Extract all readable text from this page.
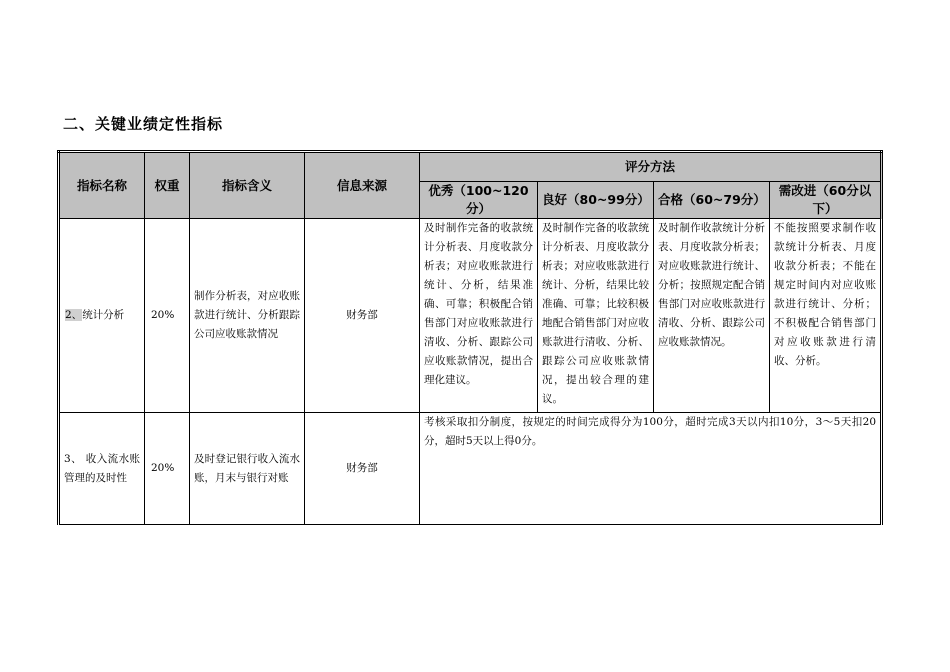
二、关键业绩定性指标
指标名称	权重	指标含义	信息来源	评分方法			
				优秀（100~120分）	良好（80~99分）	合格（60~79分）	需改进（60分以下）
2、统计分析	20%	制作分析表，对应收账款进行统计、分析跟踪公司应收账款情况	财务部	及时制作完备的收款统计分析表、月度收款分析表；对应收账款进行统计、分析，结果准确、可靠；积极配合销售部门对应收账款进行清收、分析、跟踪公司应收账款情况，提出合理化建议。	及时制作完备的收款统计分析表、月度收款分析表；对应收账款进行统计、分析，结果比较准确、可靠；比较积极地配合销售部门对应收账款进行清收、分析、跟踪公司应收账款情况，提出较合理的建议。	及时制作收款统计分析表、月度收款分析表；对应收账款进行统计、分析；按照规定配合销售部门对应收账款进行清收、分析、跟踪公司应收账款情况。	不能按照要求制作收款统计分析表、月度收款分析表；不能在规定时间内对应收账款进行统计、分析；不积极配合销售部门对应收账款进行清收、分析。
3、 收入流水账管理的及时性	20%	及时登记银行收入流水账，月末与银行对账	财务部	考核采取扣分制度，按规定的时间完成得分为100分，超时完成3天以内扣10分，3～5天扣20分，超时5天以上得0分。			
